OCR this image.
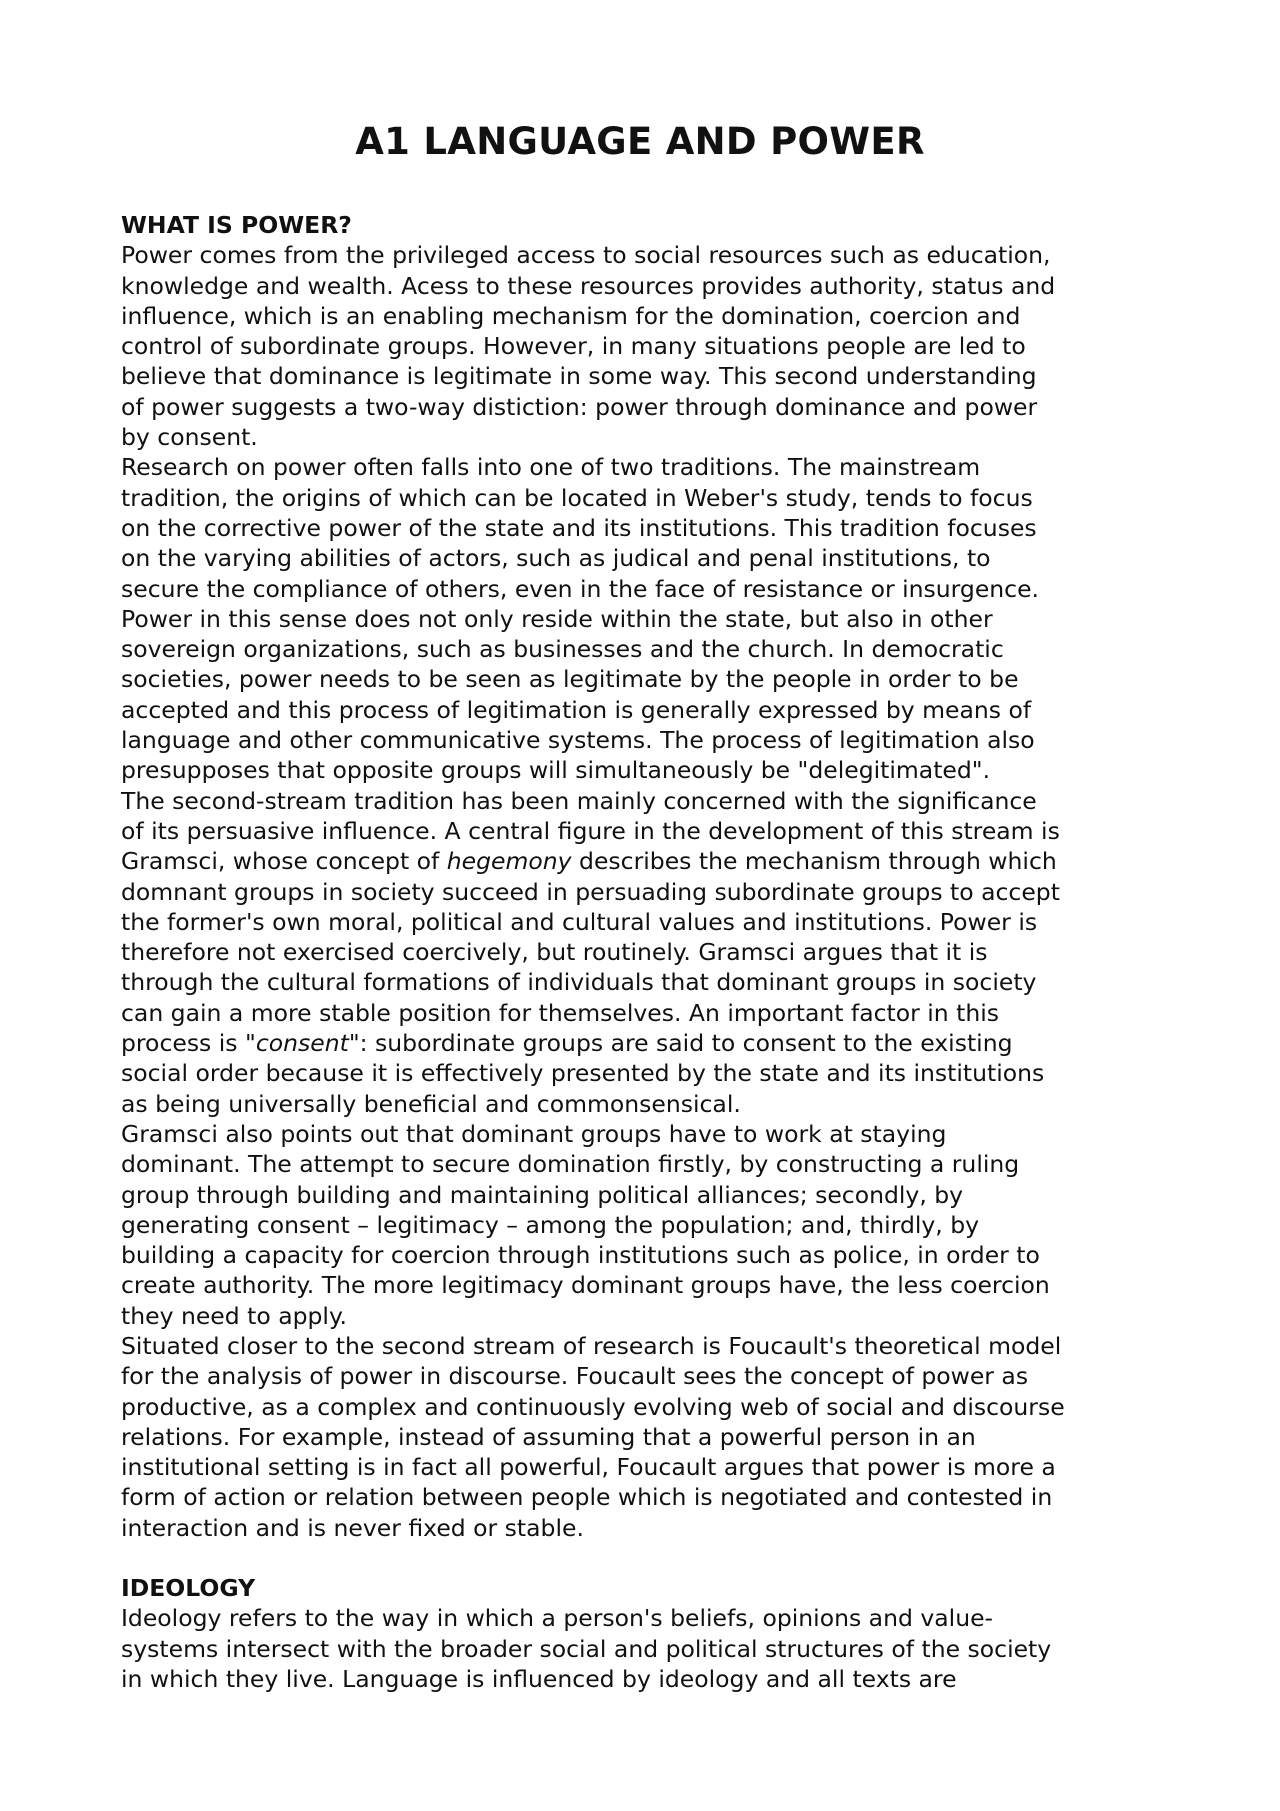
A1 LANGUAGE AND POWER
WHAT IS POWER?
Power comes from the privileged access to social resources such as education,
knowledge and wealth. Acess to these resources provides authority, status and
influence, which is an enabling mechanism for the domination, coercion and
control of subordinate groups. However, in many situations people are led to
believe that dominance is legitimate in some way. This second understanding
of power suggests a two-way distiction: power through dominance and power
by consent.
Research on power often falls into one of two traditions. The mainstream
tradition, the origins of which can be located in Weber's study, tends to focus
on the corrective power of the state and its institutions. This tradition focuses
on the varying abilities of actors, such as judical and penal institutions, to
secure the compliance of others, even in the face of resistance or insurgence.
Power in this sense does not only reside within the state, but also in other
sovereign organizations, such as businesses and the church. In democratic
societies, power needs to be seen as legitimate by the people in order to be
accepted and this process of legitimation is generally expressed by means of
language and other communicative systems. The process of legitimation also
presupposes that opposite groups will simultaneously be "delegitimated".
The second-stream tradition has been mainly concerned with the significance
of its persuasive influence. A central figure in the development of this stream is
Gramsci, whose concept of hegemony describes the mechanism through which
domnant groups in society succeed in persuading subordinate groups to accept
the former's own moral, political and cultural values and institutions. Power is
therefore not exercised coercively, but routinely. Gramsci argues that it is
through the cultural formations of individuals that dominant groups in society
can gain a more stable position for themselves. An important factor in this
process is "consent": subordinate groups are said to consent to the existing
social order because it is effectively presented by the state and its institutions
as being universally beneficial and commonsensical.
Gramsci also points out that dominant groups have to work at staying
dominant. The attempt to secure domination firstly, by constructing a ruling
group through building and maintaining political alliances; secondly, by
generating consent – legitimacy – among the population; and, thirdly, by
building a capacity for coercion through institutions such as police, in order to
create authority. The more legitimacy dominant groups have, the less coercion
they need to apply.
Situated closer to the second stream of research is Foucault's theoretical model
for the analysis of power in discourse. Foucault sees the concept of power as
productive, as a complex and continuously evolving web of social and discourse
relations. For example, instead of assuming that a powerful person in an
institutional setting is in fact all powerful, Foucault argues that power is more a
form of action or relation between people which is negotiated and contested in
interaction and is never fixed or stable.
IDEOLOGY
Ideology refers to the way in which a person's beliefs, opinions and value-
systems intersect with the broader social and political structures of the society
in which they live. Language is influenced by ideology and all texts are
